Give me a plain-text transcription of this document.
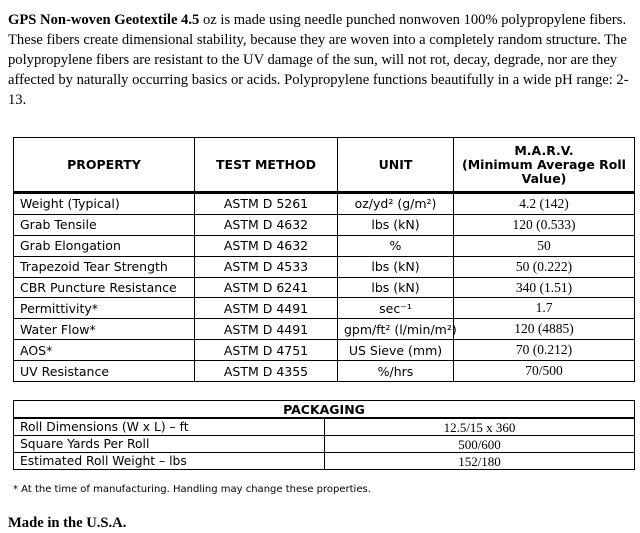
GPS Non-woven Geotextile 4.5 oz is made using needle punched nonwoven 100% polypropylene fibers. These fibers create dimensional stability, because they are woven into a completely random structure. The polypropylene fibers are resistant to the UV damage of the sun, will not rot, decay, degrade, nor are they affected by naturally occurring basics or acids. Polypropylene functions beautifully in a wide pH range: 2-13.

PROPERTY	TEST METHOD	UNIT	M.A.R.V.
(Minimum Average Roll Value)
Weight (Typical)	ASTM D 5261	oz/yd² (g/m²)	4.2 (142)
Grab Tensile	ASTM D 4632	lbs (kN)	120 (0.533)
Grab Elongation	ASTM D 4632	%	50
Trapezoid Tear Strength	ASTM D 4533	lbs (kN)	50 (0.222)
CBR Puncture Resistance	ASTM D 6241	lbs (kN)	340 (1.51)
Permittivity*	ASTM D 4491	sec⁻¹	1.7
Water Flow*	ASTM D 4491	gpm/ft² (l/min/m²)	120 (4885)
AOS*	ASTM D 4751	US Sieve (mm)	70 (0.212)
UV Resistance	ASTM D 4355	%/hrs	70/500
PACKAGING	
Roll Dimensions (W x L) – ft	12.5/15 x 360
Square Yards Per Roll	500/600
Estimated Roll Weight – lbs	152/180

* At the time of manufacturing. Handling may change these properties.

Made in the U.S.A.
